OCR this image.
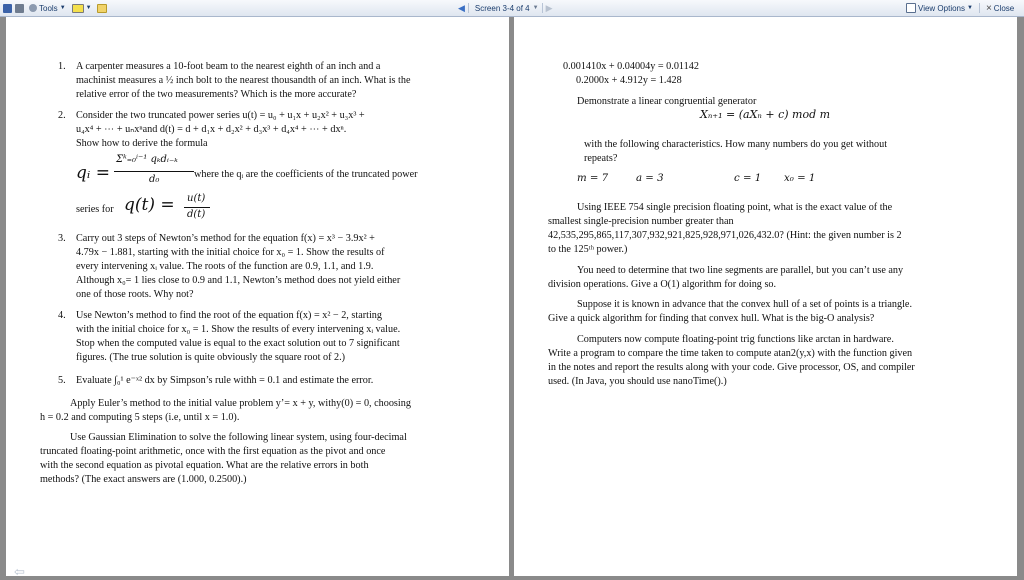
Tools ▼	▼	◀ Screen 3-4 of 4 ▼ ▶	View Options ▼ × Close
1. A carpenter measures a 10-foot beam to the nearest eighth of an inch and a
machinist measures a ½ inch bolt to the nearest thousandth of an inch. What is the
relative error of the two measurements? Which is the more accurate?
2. Consider the two truncated power series u(t) = u₀ + u₁x + u₂x² + u₃x³ +
u₄x⁴ + ⋯ + uₙxⁿand d(t) = d + d₁x + d₂x² + d₃x³ + d₄x⁴ + ⋯ + dxⁿ.
Show how to derive the formula
qᵢ =
Σᵏ₌₀ⁱ⁻¹ qₖdᵢ₋ₖ
d₀	where the qᵢ are the coefficients of the truncated power
series for q(t) = u(t)
d(t)
3. Carry out 3 steps of Newton’s method for the equation f(x) = x³ − 3.9x² +
4.79x − 1.881, starting with the initial choice for x₀ = 1. Show the results of
every intervening xᵢ value. The roots of the function are 0.9, 1.1, and 1.9.
Although x₀= 1 lies close to 0.9 and 1.1, Newton’s method does not yield either
one of those roots. Why not?
4. Use Newton’s method to find the root of the equation f(x) = x² − 2, starting
with the initial choice for x₀ = 1. Show the results of every intervening xᵢ value.
Stop when the computed value is equal to the exact solution out to 7 significant
figures. (The true solution is quite obviously the square root of 2.)
5. Evaluate ∫₀¹ e⁻ˣ² dx by Simpson’s rule withh = 0.1 and estimate the error.
Apply Euler’s method to the initial value problem y’= x + y, withy(0) = 0, choosing
h = 0.2 and computing 5 steps (i.e, until x = 1.0).
Use Gaussian Elimination to solve the following linear system, using four-decimal
truncated floating-point arithmetic, once with the first equation as the pivot and once
with the second equation as pivotal equation. What are the relative errors in both
methods? (The exact answers are (1.000, 0.2500).)
⇦
0.001410x + 0.04004y = 0.01142
0.2000x + 4.912y = 1.428
Demonstrate a linear congruential generator
Xₙ₊₁ = (aXₙ + c) mod m
with the following characteristics. How many numbers do you get without
repeats?
m = 7	a = 3	c = 1 x₀ = 1
Using IEEE 754 single precision floating point, what is the exact value of the
smallest single-precision number greater than
42,535,295,865,117,307,932,921,825,928,971,026,432.0? (Hint: the given number is 2
to the 125ᵗʰ power.)
You need to determine that two line segments are parallel, but you can’t use any
division operations. Give a O(1) algorithm for doing so.
Suppose it is known in advance that the convex hull of a set of points is a triangle.
Give a quick algorithm for finding that convex hull. What is the big-O analysis?
Computers now compute floating-point trig functions like arctan in hardware.
Write a program to compare the time taken to compute atan2(y,x) with the function given
in the notes and report the results along with your code. Give processor, OS, and compiler
used. (In Java, you should use nanoTime().)
